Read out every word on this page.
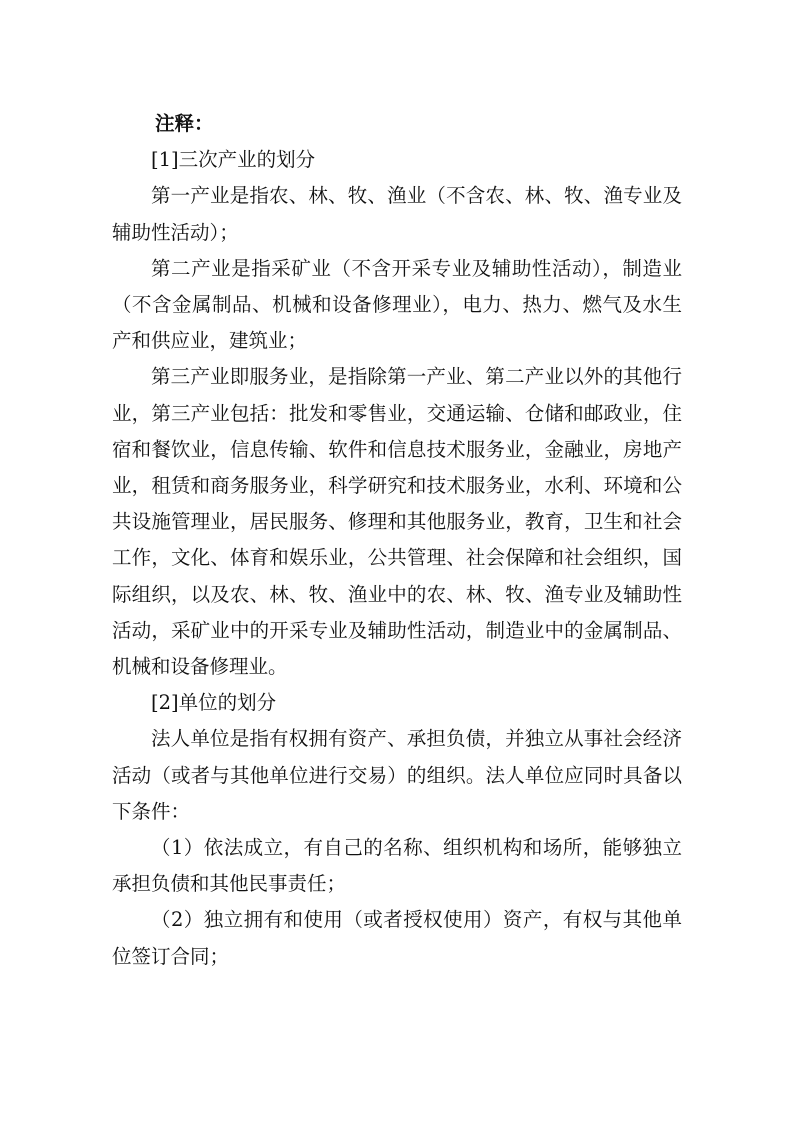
注释：

[1]三次产业的划分

第一产业是指农、林、牧、渔业（不含农、林、牧、渔专业及辅助性活动）；

第二产业是指采矿业（不含开采专业及辅助性活动），制造业（不含金属制品、机械和设备修理业），电力、热力、燃气及水生产和供应业，建筑业；

第三产业即服务业，是指除第一产业、第二产业以外的其他行业，第三产业包括：批发和零售业，交通运输、仓储和邮政业，住宿和餐饮业，信息传输、软件和信息技术服务业，金融业，房地产业，租赁和商务服务业，科学研究和技术服务业，水利、环境和公共设施管理业，居民服务、修理和其他服务业，教育，卫生和社会工作，文化、体育和娱乐业，公共管理、社会保障和社会组织，国际组织，以及农、林、牧、渔业中的农、林、牧、渔专业及辅助性活动，采矿业中的开采专业及辅助性活动，制造业中的金属制品、机械和设备修理业。

[2]单位的划分

法人单位是指有权拥有资产、承担负债，并独立从事社会经济活动（或者与其他单位进行交易）的组织。法人单位应同时具备以下条件：

（1）依法成立，有自己的名称、组织机构和场所，能够独立承担负债和其他民事责任；

（2）独立拥有和使用（或者授权使用）资产，有权与其他单位签订合同；
